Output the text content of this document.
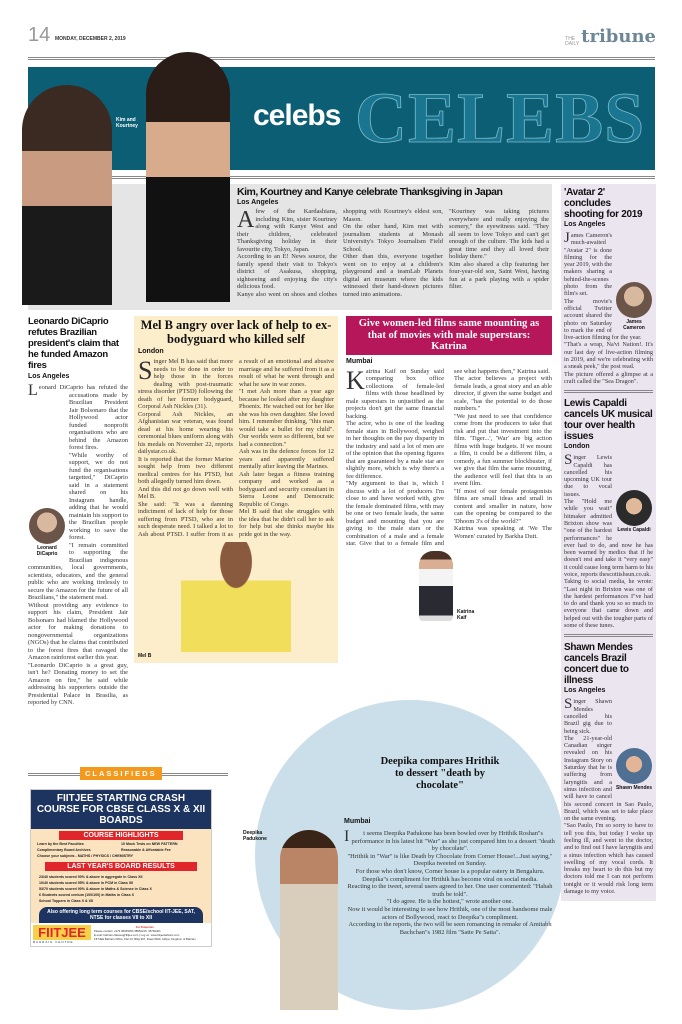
14 MONDAY, DECEMBER 2, 2019	THE DAILY tribune
CELEBS
celebs
Kim and Kourtney
Kim, Kourtney and Kanye celebrate Thanksgiving in Japan
Los Angeles
Afew of the Kardashians, including Kim, sister Kourtney along with Kanye West and their children, celebrated Thanksgiving holiday in their favourite city, Tokyo, Japan.
According to an E! News source, the family spend their visit to Tokyo's district of Asakusa, shopping, sightseeing and enjoying the city's delicious food.
Kanye also went on shoes and clothes shopping with Kourtney's eldest son, Mason.
On the other hand, Kim met with journalism students at Monash University's Tokyo Journalism Field School.
Other than this, everyone together went on to enjoy at a children's playground and a teamLab Planets digital art museum where the kids witnessed their hand-drawn pictures turned into animations.
"Kourtney was taking pictures everywhere and really enjoying the scenery," the eyewitness said. "They all seem to love Tokyo and can't get enough of the culture. The kids had a great time and they all loved their holiday there."
Kim also shared a clip featuring her four-year-old son, Saint West, having fun at a park playing with a spider filter.
'Avatar 2' concludes shooting for 2019
Los Angeles
J
James Cameron
ames Cameron's much-awaited "Avatar 2" is done filming for the year 2019, with the makers sharing a behind-the-scenes photo from the film's set.
The movie's official Twitter account shared the photo on Saturday to mark the end of live-action filming for the year.
"That's a wrap, Na'vi Nation!. It's our last day of live-action filming in 2019, and we're celebrating with a sneak peek," the post read.
The picture offered a glimpse at a craft called the "Sea Dragon".
Lewis Capaldi cancels UK musical tour over health issues
London
S
Lewis Capaldi
inger Lewis Capaldi has cancelled his upcoming UK tour due to vocal issues.
The "Hold me while you wait" hitmaker admitted Brixton show was "one of the hardest performances" he ever had to do, and now he has been warned by medics that if he doesn't rest and take it "very easy" it could cause long term harm to his voice, reports thescottishsun.co.uk.
Taking to social media, he wrote: "Last night in Brixton was one of the hardest performances I"ve had to do and thank you so so much to everyone that came down and helped out with the tougher parts of some of these tunes.
Shawn Mendes cancels Brazil concert due to illness
Los Angeles
S
Shawn Mendes
inger Shawn Mendes cancelled his Brazil gig due to being sick.
The 21-year-old Canadian singer revealed on his Instagram Story on Saturday that he is suffering from laryngitis and a sinus infection and will have to cancel his second concert in Sao Paulo, Brazil, which was set to take place on the same evening.
"Sao Paulo, I'm so sorry to have to tell you this, but today I woke up feeling ill, and went to the doctor, and to find out I have laryngitis and a sinus infection which has caused swelling of my vocal cords. It breaks my heart to do this but my doctors told me I can not perform tonight or it would risk long term damage to my voice.
Leonardo DiCaprio refutes Brazilian president's claim that he funded Amazon fires
Los Angeles
L
Leonard DiCaprio
eonard DiCaprio has refuted the accusations made by Brazilian President Jair Bolsonaro that the Hollywood actor funded nonprofit organisations who are behind the Amazon forest fires.
"While worthy of support, we do not fund the organisations targetted," DiCaprio said in a statement shared on his Instagram handle, adding that he would maintain his support to the Brazilian people working to save the forest.
"I remain committed to supporting the Brazilian indigenous communities, local governments, scientists, educators, and the general public who are working tirelessly to secure the Amazon for the future of all Brazilians," the statement read.
Without providing any evidence to support his claim, President Jair Bolsonaro had blamed the Hollywood actor for making donations to nongovernmental organizations (NGOs) that he claims that contributed to the forest fires that ravaged the Amazon rainforest earlier this year.
"Leonardo DiCaprio is a great guy, isn't he? Donating money to set the Amazon on fire," he said while addressing his supporters outside the Presidential Palace in Brasilia, as reported by CNN.
Mel B angry over lack of help to ex-bodyguard who killed self
London
Singer Mel B has said that more needs to be done in order to help those in the forces dealing with post-traumatic stress disorder (PTSD) following the death of her former bodyguard, Corporal Ash Nickles (31).
Corporal Ash Nickles, an Afghanistan war veteran, was found dead at his home wearing his ceremonial blues uniform along with his medals on November 22, reports dailystar.co.uk.
It is reported that the former Marine sought help from two different medical centres for his PTSD, but both allegedly turned him down.
And this did not go down well with Mel B.
She said: "It was a damning indictment of lack of help for those suffering from PTSD, who are in such desperate need. I talked a lot to Ash about PTSD. I suffer from it as a result of an emotional and abusive marriage and he suffered from it as a result of what he went through and what he saw in war zones.
"I met Ash more than a year ago because he looked after my daughter Phoenix. He watched out for her like she was his own daughter. She loved him. I remember thinking, "this man would take a bullet for my child". Our worlds were so different, but we had a connection."
Ash was in the defence forces for 12 years and apparently suffered mentally after leaving the Marines.
Ash later began a fitness training company and worked as a bodyguard and security consultant in Sierra Leone and Democratic Republic of Congo.
Mel B said that she struggles with the idea that he didn't call her to ask for help but she thinks maybe his pride got in the way.
Mel B
Give women-led films same mounting as that of movies with male superstars: Katrina
Mumbai
Katrina Kaif on Sunday said comparing box office collections of female-led films with those headlined by male superstars in unjustified as the projects don't get the same financial backing.
The actor, who is one of the leading female stars in Bollywood, weighed in her thoughts on the pay disparity in the industry and said a lot of men are of the opinion that the opening figures that are guaranteed by a male star are slightly more, which is why there's a fee difference.
"My argument to that is, which I discuss with a lot of producers I'm close to and have worked with, give the female dominated films, with may be one or two female leads, the same budget and mounting that you are giving to the male stars or the combination of a male and a female star. Give that to a female film and see what happens then," Katrina said.
The actor believes a project with female leads, a great story and an able director, if given the same budget and scale, "has the potential to do those numbers."
"We just need to see that confidence come from the producers to take that risk and put that investment into the film. 'Tiger...', 'War' are big action films with huge budgets. If we mount a film, it could be a different film, a comedy, a fun summer blockbuster, if we give that film the same mounting, the audience will feel that this is an event film.
"If most of our female protagonists films are small ideas and small in content and smaller in nature, how can the opening be compared to the 'Dhoom 3's of the world?"
Katrina was speaking at 'We The Women' curated by Barkha Dutt.
Katrina Kaif
Deepika Padukone
Deepika compares Hrithik to dessert "death by chocolate"
Mumbai
I t seems Deepika Padukone has been bowled over by Hrithik Roshan"s performance in his latest hit "War" as she just compared him to a dessert "death by chocolate".
"Hrithik in "War" is like Death by Chocolate from Corner House!...Just saying," Deepika tweeted on Sunday.
For those who don't know, Corner house is a popular eatery in Bengaluru.
Deepika"s compliment for Hrithik has become viral on social media.
Reacting to the tweet, several users agreed to her. One user commented: "Hahah truth be told".
"I do agree. He is the hottest," wrote another one.
Now it would be interesting to see how Hrithik, one of the most handsome male actors of Bollywood, react to Deepika"s compliment.
According to the reports, the two will be seen romancing in remake of Amitabh Bachchan"s 1982 film "Satte Pe Satta".
CLASSIFIEDS
FIITJEE STARTING CRASH COURSE FOR CBSE CLASS X & XII BOARDS
COURSE HIGHLIGHTS
Learn by the Best Faculties	10 Mock Tests on NEW PATTERN
Complimentary Board Archives	Reasonable & Affordable Fee
Choose your subjects - MATHS / PHYSICS / CHEMISTRY
LAST YEAR'S BOARD RESULTS
23/40 students scored 90% & above in aggregate in Class XII
10/40 students scored 95% & above in PCM in Class XII
53/70 students scored 90% & above in Maths & Science in Class X
6 Students scored centum (100/100) in Maths in Class X
School Toppers in Class X & XII
Also offering long term courses for CBSE/school IIT-JEE, SAT, NTSE for classes VII to XII
FIITJEE
BAHRAIN CENTRE
For Enquiries
Please contact: +973 38045050 38852215, 35784401
E-mail: bahrain.classes@fiitjee.com | Log on: www.fiitjeebahrain.com
FIITJEE Bahrain Office: Flat 13, Bldg 997, Road 3620, Adliya, Kingdom of Bahrain
